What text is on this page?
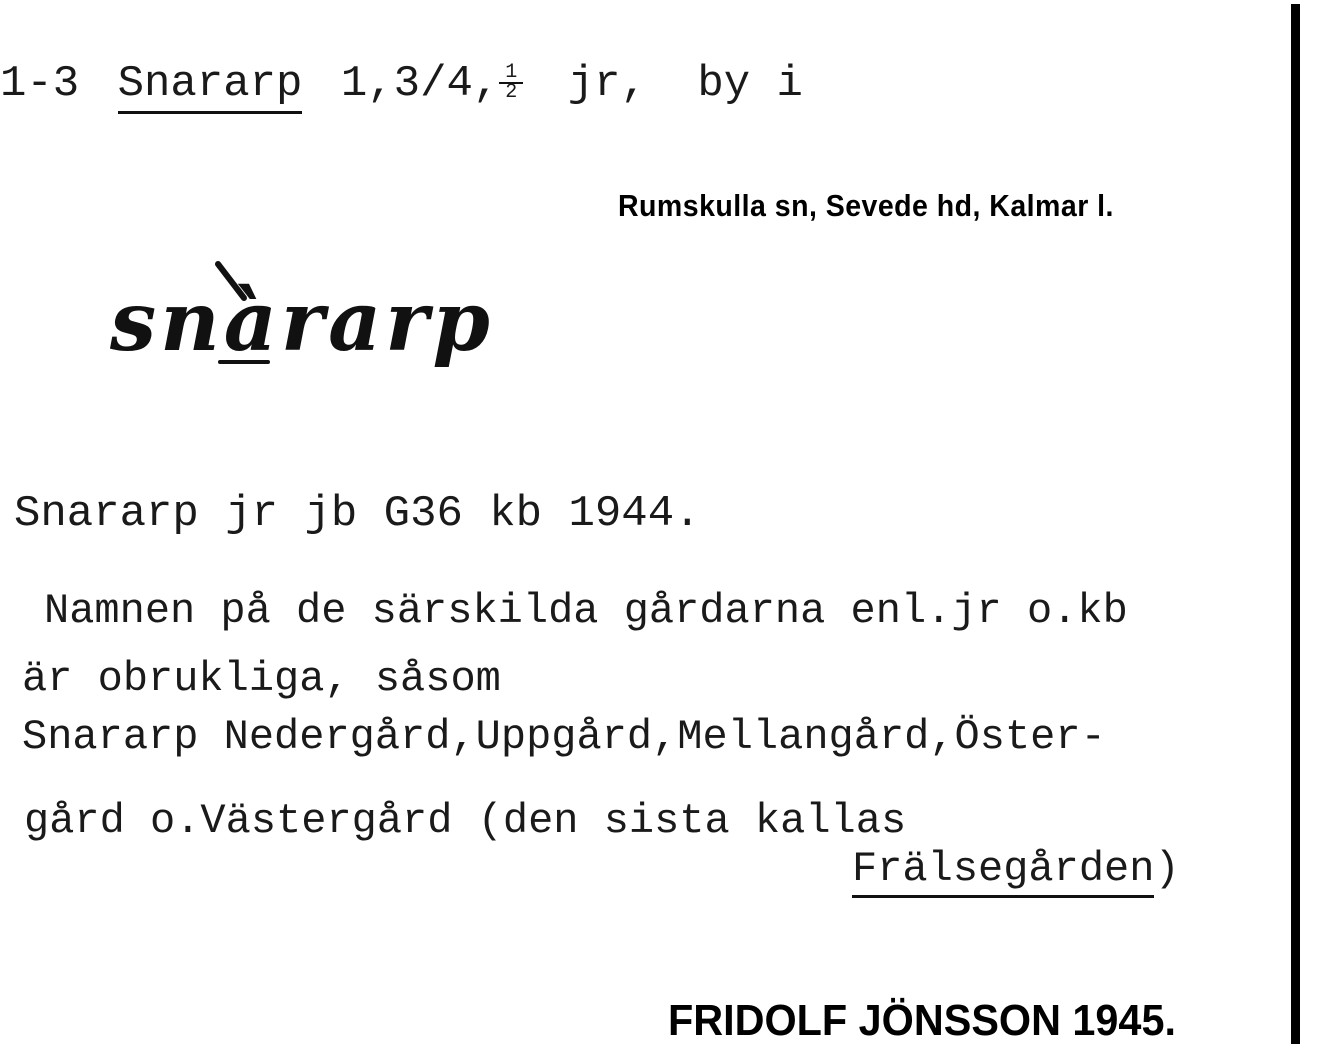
1-3 Snararp 1,3/4, $\frac{1}{2}$ jr, by i
Rumskulla sn, Sevede hd, Kalmar l.
snàrarp
Snararp jr jb G36 kb 1944.
Namnen på de särskilda gårdarna enl.jr o.kb
är obrukliga, såsom
Snararp Nedergård,Uppgård,Mellangård,Öster-
gård o.Västergård (den sista kallas
Frälsegården)
FRIDOLF JÖNSSON 1945.
